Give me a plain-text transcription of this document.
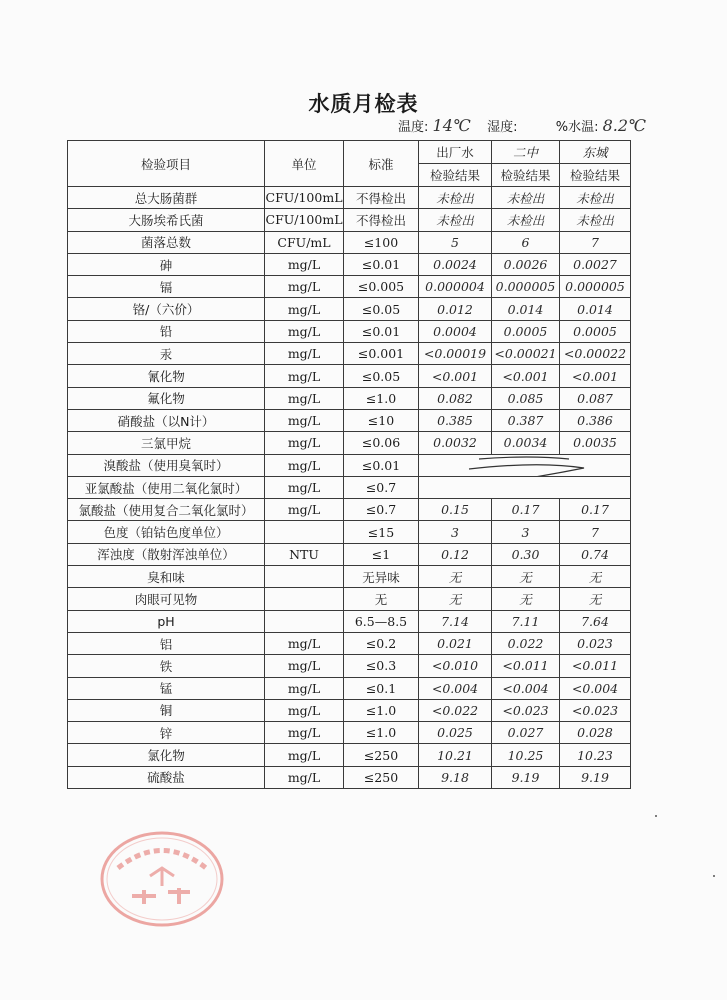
水质月检表
温度: 14℃ 湿度:	%水温: 8.2℃
检验项目	单位	标准	出厂水	二中	东城
			检验结果	检验结果	检验结果
总大肠菌群	CFU/100mL	不得检出	未检出	未检出	未检出
大肠埃希氏菌	CFU/100mL	不得检出	未检出	未检出	未检出
菌落总数	CFU/mL	≤100	5	6	7
砷	mg/L	≤0.01	0.0024	0.0026	0.0027
镉	mg/L	≤0.005	0.000004	0.000005	0.000005
铬/（六价）	mg/L	≤0.05	0.012	0.014	0.014
铅	mg/L	≤0.01	0.0004	0.0005	0.0005
汞	mg/L	≤0.001	<0.00019	<0.00021	<0.00022
氰化物	mg/L	≤0.05	<0.001	<0.001	<0.001
氟化物	mg/L	≤1.0	0.082	0.085	0.087
硝酸盐（以N计）	mg/L	≤10	0.385	0.387	0.386
三氯甲烷	mg/L	≤0.06	0.0032	0.0034	0.0035
溴酸盐（使用臭氧时）	mg/L	≤0.01	

亚氯酸盐（使用二氧化氯时）	mg/L	≤0.7			
氯酸盐（使用复合二氧化氯时）	mg/L	≤0.7	0.15	0.17	0.17
色度（铂钴色度单位）		≤15	3	3	7
浑浊度（散射浑浊单位）	NTU	≤1	0.12	0.30	0.74
臭和味		无异味	无	无	无
肉眼可见物		无	无	无	无
pH		6.5—8.5	7.14	7.11	7.64
铝	mg/L	≤0.2	0.021	0.022	0.023
铁	mg/L	≤0.3	<0.010	<0.011	<0.011
锰	mg/L	≤0.1	<0.004	<0.004	<0.004
铜	mg/L	≤1.0	<0.022	<0.023	<0.023
锌	mg/L	≤1.0	0.025	0.027	0.028
氯化物	mg/L	≤250	10.21	10.25	10.23
硫酸盐	mg/L	≤250	9.18	9.19	9.19
